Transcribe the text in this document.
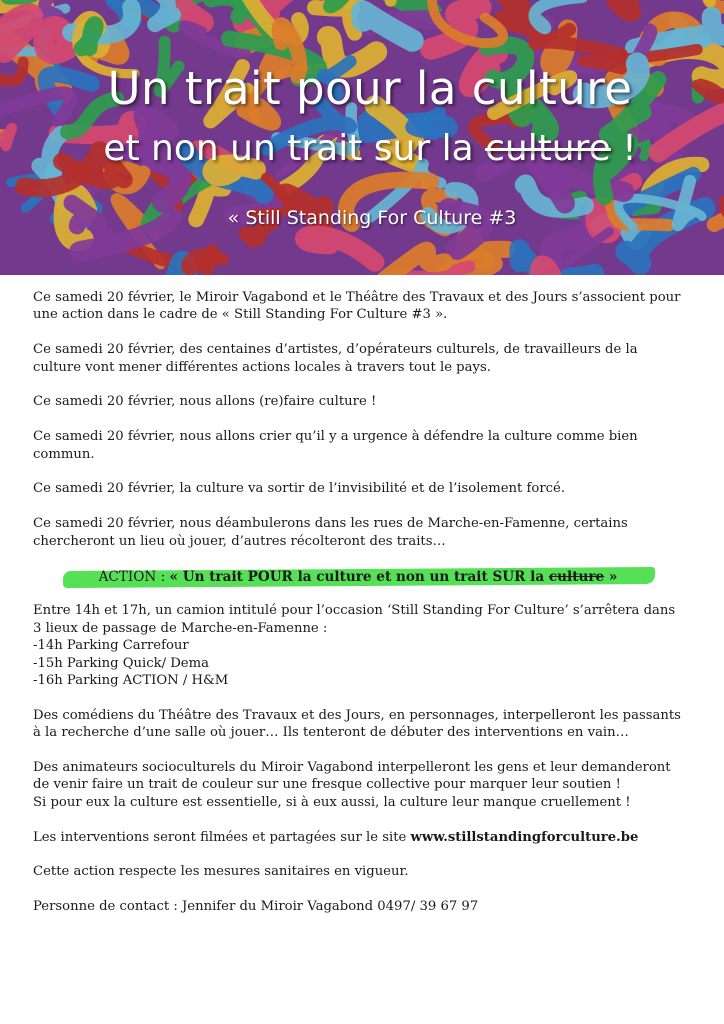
Un trait pour la culture
et non un trait sur la culture !
« Still Standing For Culture #3

Ce samedi 20 février, le Miroir Vagabond et le Théâtre des Travaux et des Jours s’associent pour une action dans le cadre de « Still Standing For Culture #3 ».

Ce samedi 20 février, des centaines d’artistes, d’opérateurs culturels, de travailleurs de la culture vont mener différentes actions locales à travers tout le pays.

Ce samedi 20 février, nous allons (re)faire culture !

Ce samedi 20 février, nous allons crier qu’il y a urgence à défendre la culture comme bien commun.

Ce samedi 20 février, la culture va sortir de l’invisibilité et de l’isolement forcé.

Ce samedi 20 février, nous déambulerons dans les rues de Marche-en-Famenne, certains chercheront un lieu où jouer, d’autres récolteront des traits…

ACTION : « Un trait POUR la culture et non un trait SUR la culture »

Entre 14h et 17h, un camion intitulé pour l’occasion ‘Still Standing For Culture’ s’arrêtera dans 3 lieux de passage de Marche-en-Famenne :
-14h Parking Carrefour
-15h Parking Quick/ Dema
-16h Parking ACTION / H&M

Des comédiens du Théâtre des Travaux et des Jours, en personnages, interpelleront les passants à la recherche d’une salle où jouer… Ils tenteront de débuter des interventions en vain…

Des animateurs socioculturels du Miroir Vagabond interpelleront les gens et leur demanderont de venir faire un trait de couleur sur une fresque collective pour marquer leur soutien !
Si pour eux la culture est essentielle, si à eux aussi, la culture leur manque cruellement !

Les interventions seront filmées et partagées sur le site www.stillstandingforculture.be

Cette action respecte les mesures sanitaires en vigueur.

Personne de contact : Jennifer du Miroir Vagabond 0497/ 39 67 97
